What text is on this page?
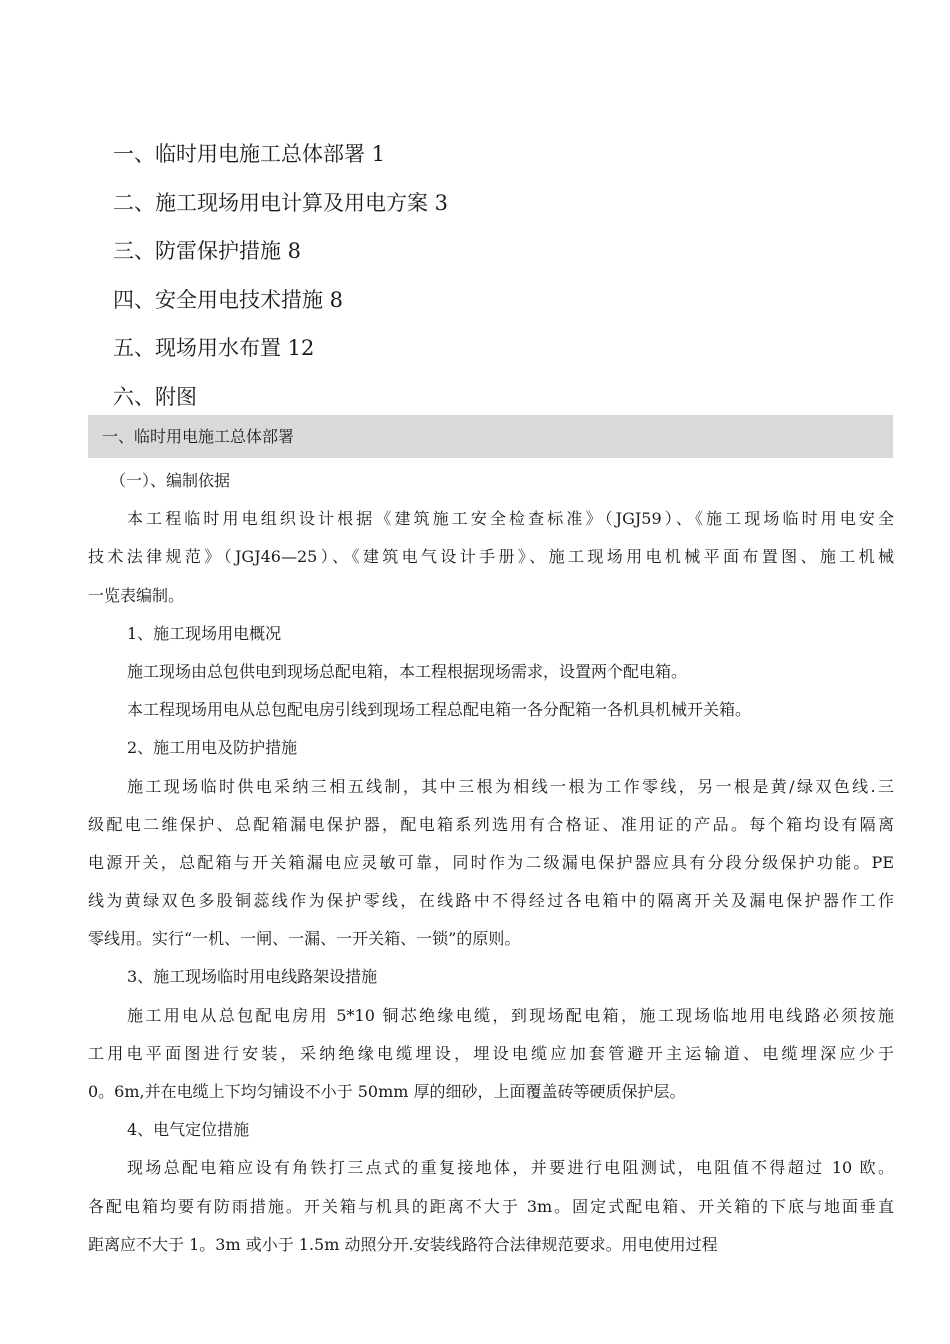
一、临时用电施工总体部署 1
二、施工现场用电计算及用电方案 3
三、防雷保护措施 8
四、安全用电技术措施 8
五、现场用水布置 12
六、附图
一、临时用电施工总体部署
（一）、编制依据
本工程临时用电组织设计根据《建筑施工安全检查标准》（JGJ59）、《施工现场临时用电安全
技术法律规范》（JGJ46—25）、《建筑电气设计手册》、施工现场用电机械平面布置图、施工机械
一览表编制。
1、施工现场用电概况
施工现场由总包供电到现场总配电箱，本工程根据现场需求，设置两个配电箱。
本工程现场用电从总包配电房引线到现场工程总配电箱一各分配箱一各机具机械开关箱。
2、施工用电及防护措施
施工现场临时供电采纳三相五线制，其中三根为相线一根为工作零线，另一根是黄/绿双色线.三
级配电二维保护、总配箱漏电保护器，配电箱系列选用有合格证、准用证的产品。每个箱均设有隔离
电源开关，总配箱与开关箱漏电应灵敏可靠，同时作为二级漏电保护器应具有分段分级保护功能。PE
线为黄绿双色多股铜蕊线作为保护零线，在线路中不得经过各电箱中的隔离开关及漏电保护器作工作
零线用。实行“一机、一闸、一漏、一开关箱、一锁”的原则。
3、施工现场临时用电线路架设措施
施工用电从总包配电房用 5*10 铜芯绝缘电缆，到现场配电箱，施工现场临地用电线路必须按施
工用电平面图进行安装，采纳绝缘电缆埋设，埋设电缆应加套管避开主运输道、电缆埋深应少于
0。6m,并在电缆上下均匀铺设不小于 50mm 厚的细砂，上面覆盖砖等硬质保护层。
4、电气定位措施
现场总配电箱应设有角铁打三点式的重复接地体，并要进行电阻测试，电阻值不得超过 10 欧。
各配电箱均要有防雨措施。开关箱与机具的距离不大于 3m。固定式配电箱、开关箱的下底与地面垂直
距离应不大于 1。3m 或小于 1.5m 动照分开.安装线路符合法律规范要求。用电使用过程
